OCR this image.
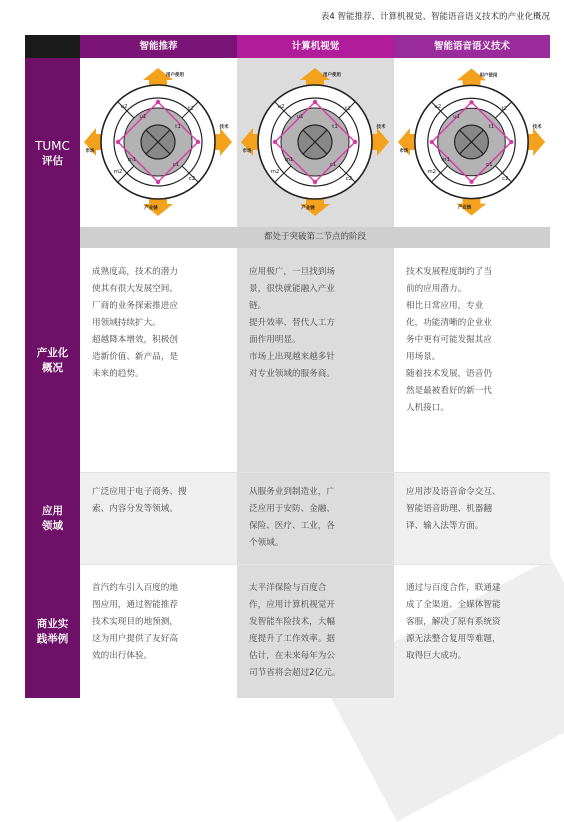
表4 智能推荐、计算机视觉、智能语音语义技术的产业化概况
智能推荐	计算机视觉	智能语音语义技术
TUMC
评估
产业化
概况
应用
领域
商业实
践举例
用户使用
技术
市场
产业链
u2
u1
t2
t1
m1
m2
c1
c2
用户使用
技术
市场
产业链
u2
u1
t2
t1
m1
m2
c1
c2
用户使用
技术
市场
产业链
u2
u1
t2
t1
m1
m2
c1
c2
都处于突破第二节点的阶段
成熟度高，技术的潜力
使其有很大发展空间。
厂商的业务探索推进应
用领域持续扩大。
超越降本增效，积极创
造新价值、新产品，是
未来的趋势。
应用极广，一旦找到场
景，很快就能融入产业
链。
提升效率、替代人工方
面作用明显。
市场上出现越来越多针
对专业领域的服务商。
技术发展程度制约了当
前的应用潜力。
相比日常应用，专业
化，功能清晰的企业业
务中更有可能发掘其应
用场景。
随着技术发展，语音仍
然是最被看好的新一代
人机接口。
广泛应用于电子商务、搜
索、内容分发等领域。
从服务业到制造业，广
泛应用于安防、金融、
保险、医疗、工业，各
个领域。
应用涉及语音命令交互、
智能语音助理、机器翻
译、输入法等方面。
首汽约车引入百度的地
图应用，通过智能推荐
技术实现目的地预测，
这为用户提供了友好高
效的出行体验。
太平洋保险与百度合
作，应用计算机视觉开
发智能车险技术，大幅
度提升了工作效率。据
估计，在未来每年为公
司节省将会超过2亿元。
通过与百度合作，联通建
成了全渠道、全媒体智能
客服，解决了原有系统资
源无法整合复用等难题，
取得巨大成功。
